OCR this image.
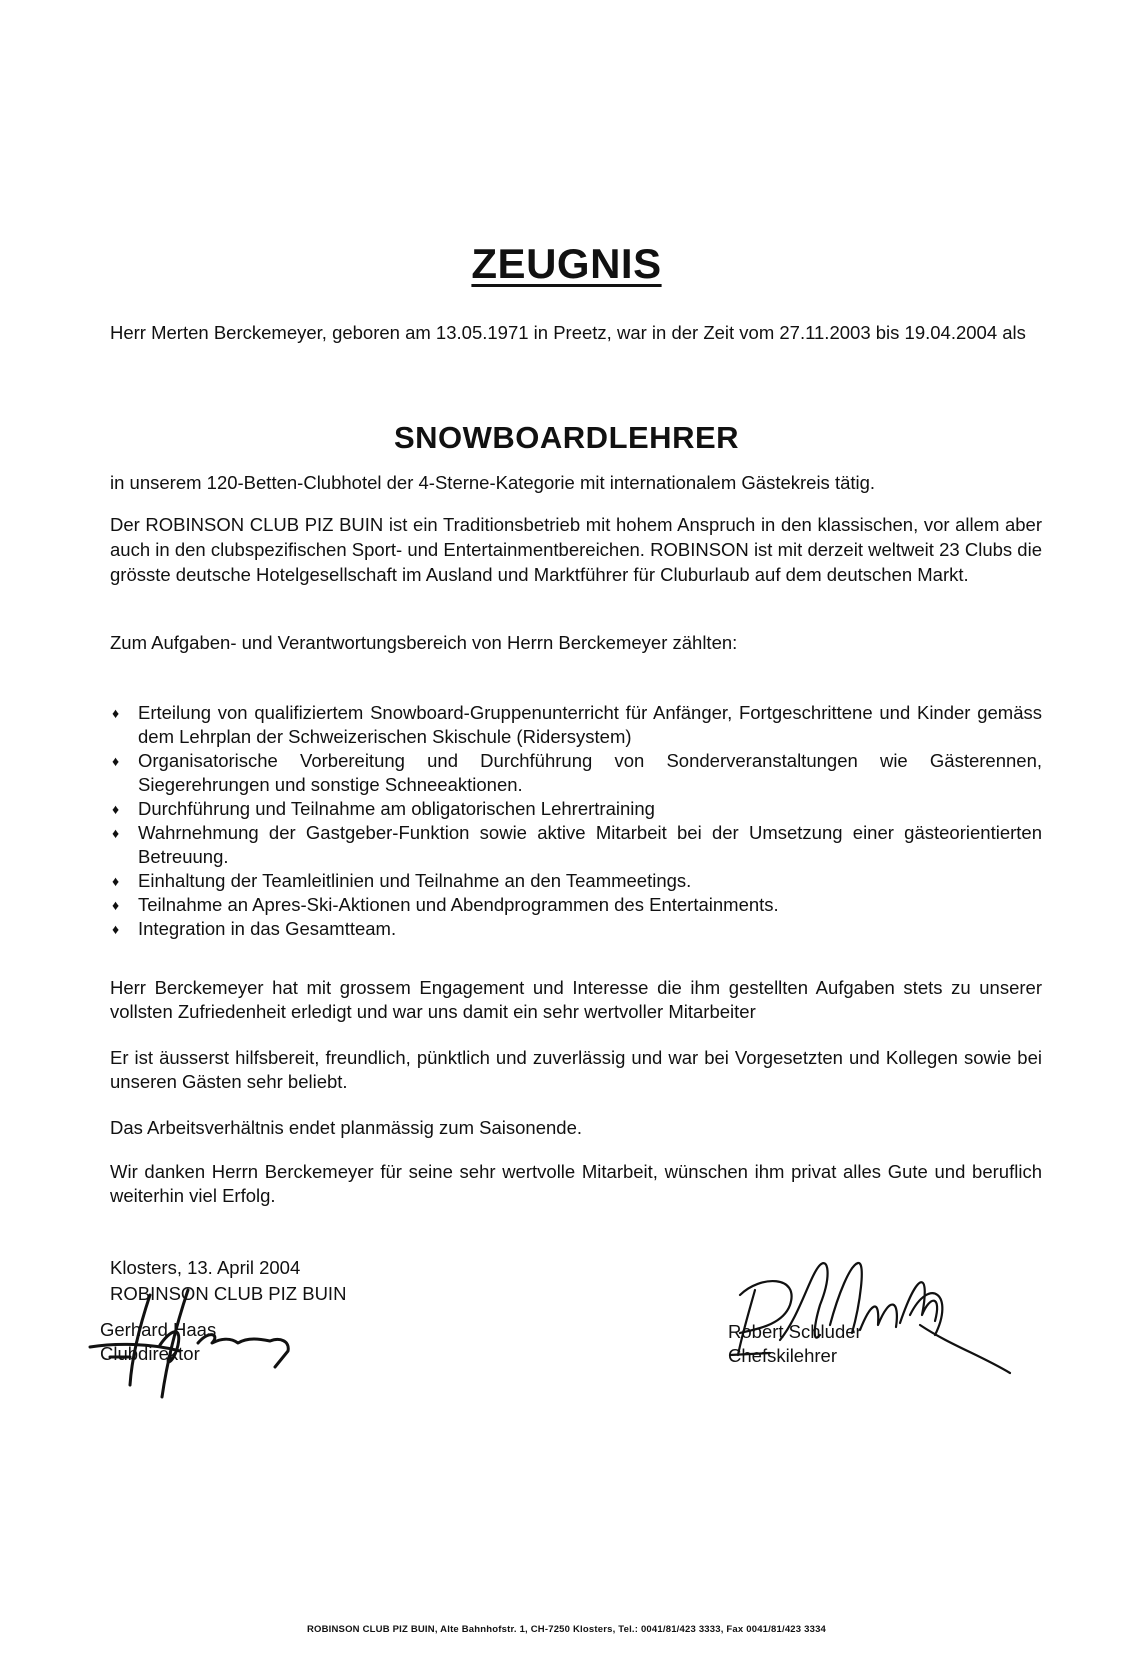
ZEUGNIS
Herr Merten Berckemeyer, geboren am 13.05.1971 in Preetz, war in der Zeit vom 27.11.2003 bis 19.04.2004 als
SNOWBOARDLEHRER
in unserem 120-Betten-Clubhotel der 4-Sterne-Kategorie mit internationalem Gästekreis tätig.
Der ROBINSON CLUB PIZ BUIN ist ein Traditionsbetrieb mit hohem Anspruch in den klassischen, vor allem aber auch in den clubspezifischen Sport- und Entertainmentbereichen. ROBINSON ist mit derzeit weltweit 23 Clubs die grösste deutsche Hotelgesellschaft im Ausland und Marktführer für Cluburlaub auf dem deutschen Markt.
Zum Aufgaben- und Verantwortungsbereich von Herrn Berckemeyer zählten:
♦ Erteilung von qualifiziertem Snowboard-Gruppenunterricht für Anfänger, Fortgeschrittene und Kinder gemäss dem Lehrplan der Schweizerischen Skischule (Ridersystem)
♦ Organisatorische Vorbereitung und Durchführung von Sonderveranstaltungen wie Gästerennen, Siegerehrungen und sonstige Schneeaktionen.
♦ Durchführung und Teilnahme am obligatorischen Lehrertraining
♦ Wahrnehmung der Gastgeber-Funktion sowie aktive Mitarbeit bei der Umsetzung einer gästeorientierten Betreuung.
♦ Einhaltung der Teamleitlinien und Teilnahme an den Teammeetings.
♦ Teilnahme an Apres-Ski-Aktionen und Abendprogrammen des Entertainments.
♦ Integration in das Gesamtteam.
Herr Berckemeyer hat mit grossem Engagement und Interesse die ihm gestellten Aufgaben stets zu unserer vollsten Zufriedenheit erledigt und war uns damit ein sehr wertvoller Mitarbeiter
Er ist äusserst hilfsbereit, freundlich, pünktlich und zuverlässig und war bei Vorgesetzten und Kollegen sowie bei unseren Gästen sehr beliebt.
Das Arbeitsverhältnis endet planmässig zum Saisonende.
Wir danken Herrn Berckemeyer für seine sehr wertvolle Mitarbeit, wünschen ihm privat alles Gute und beruflich weiterhin viel Erfolg.
Klosters, 13. April 2004
ROBINSON CLUB PIZ BUIN
Gerhard Haas
Clubdirektor
Robert Schluder
Chefskilehrer
ROBINSON CLUB PIZ BUIN, Alte Bahnhofstr. 1, CH-7250 Klosters, Tel.: 0041/81/423 3333, Fax 0041/81/423 3334
